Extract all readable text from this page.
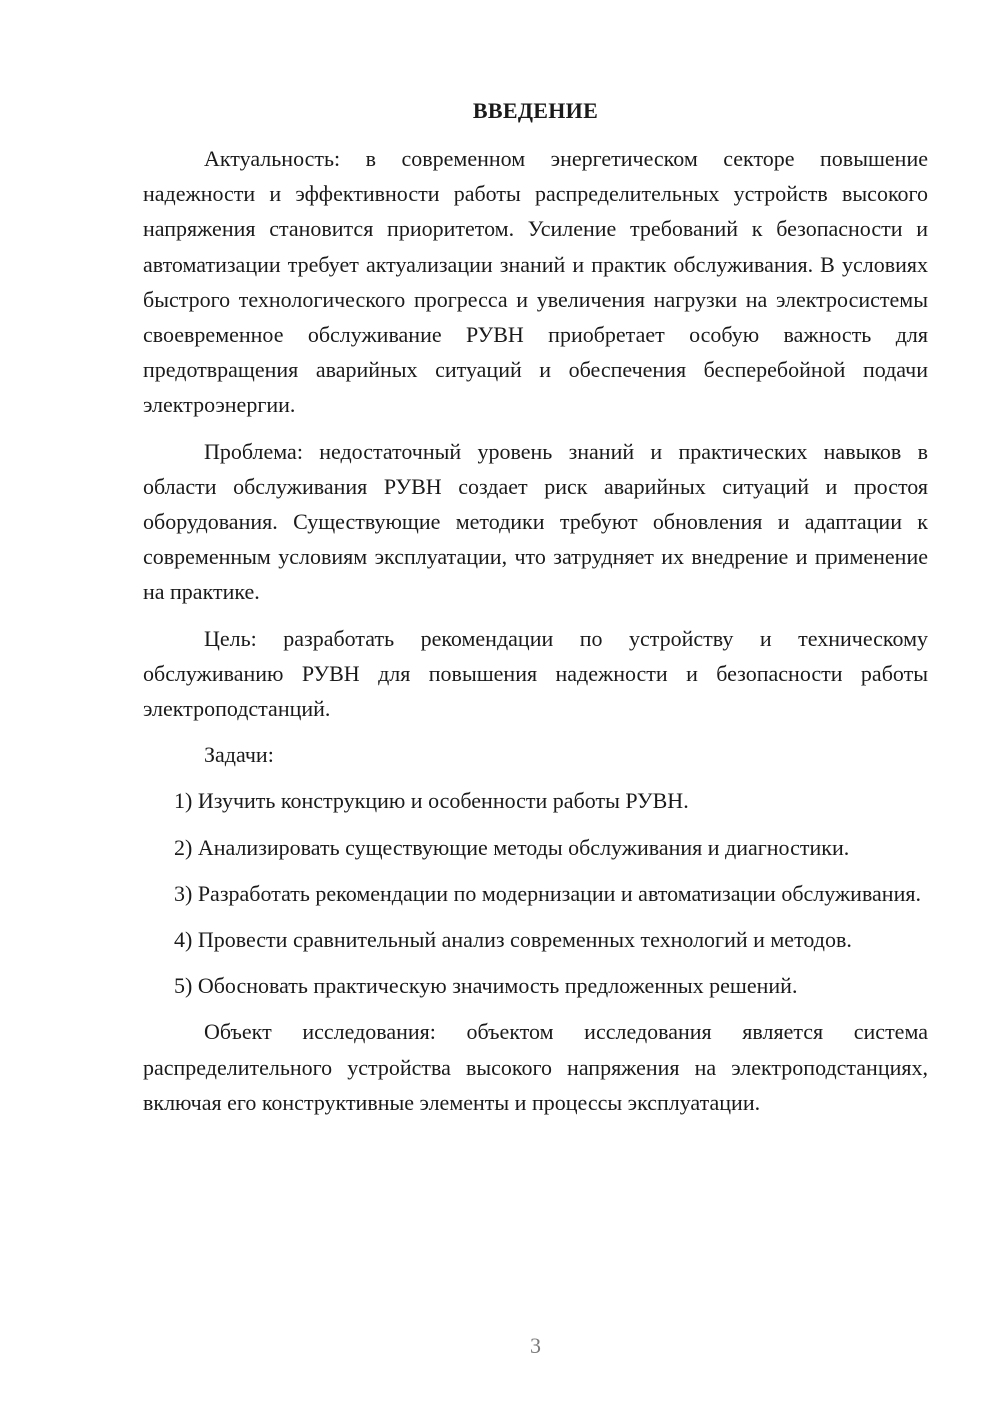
ВВЕДЕНИЕ

Актуальность: в современном энергетическом секторе повышение надежности и эффективности работы распределительных устройств высокого напряжения становится приоритетом. Усиление требований к безопасности и автоматизации требует актуализации знаний и практик обслуживания. В условиях быстрого технологического прогресса и увеличения нагрузки на электросистемы своевременное обслуживание РУВН приобретает особую важность для предотвращения аварийных ситуаций и обеспечения бесперебойной подачи электроэнергии.

Проблема: недостаточный уровень знаний и практических навыков в области обслуживания РУВН создает риск аварийных ситуаций и простоя оборудования. Существующие методики требуют обновления и адаптации к современным условиям эксплуатации, что затрудняет их внедрение и применение на практике.

Цель: разработать рекомендации по устройству и техническому обслуживанию РУВН для повышения надежности и безопасности работы электроподстанций.

Задачи:

1) Изучить конструкцию и особенности работы РУВН.

2) Анализировать существующие методы обслуживания и диагностики.

3) Разработать рекомендации по модернизации и автоматизации обслуживания.

4) Провести сравнительный анализ современных технологий и методов.

5) Обосновать практическую значимость предложенных решений.

Объект исследования: объектом исследования является система распределительного устройства высокого напряжения на электроподстанциях, включая его конструктивные элементы и процессы эксплуатации.

3
